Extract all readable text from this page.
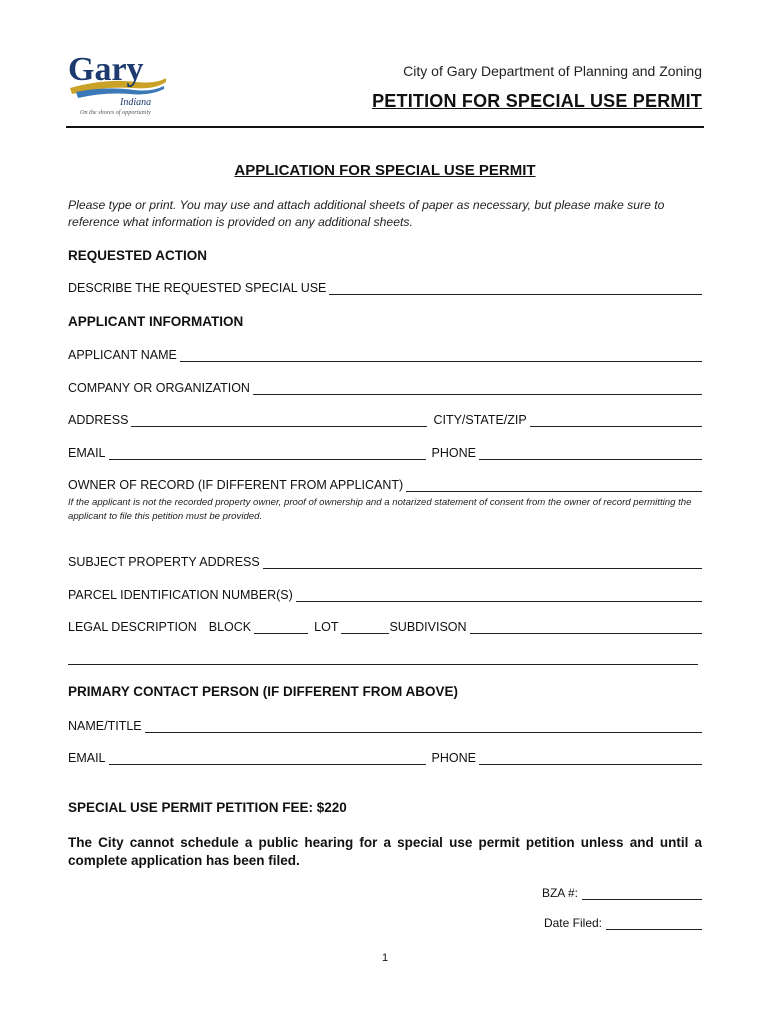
Gary
Indiana
On the shores of opportunity
City of Gary Department of Planning and Zoning
PETITION FOR SPECIAL USE PERMIT
APPLICATION FOR SPECIAL USE PERMIT
Please type or print. You may use and attach additional sheets of paper as necessary, but please make sure to reference what information is provided on any additional sheets.
REQUESTED ACTION
DESCRIBE THE REQUESTED SPECIAL USE
APPLICANT INFORMATION
APPLICANT NAME
COMPANY OR ORGANIZATION
ADDRESS	CITY/STATE/ZIP
EMAIL	PHONE
OWNER OF RECORD (IF DIFFERENT FROM APPLICANT)
If the applicant is not the recorded property owner, proof of ownership and a notarized statement of consent from the owner of record permitting the applicant to file this petition must be provided.
SUBJECT PROPERTY ADDRESS
PARCEL IDENTIFICATION NUMBER(S)
LEGAL DESCRIPTION BLOCK	LOT	SUBDIVISON
PRIMARY CONTACT PERSON (IF DIFFERENT FROM ABOVE)
NAME/TITLE
EMAIL	PHONE
SPECIAL USE PERMIT PETITION FEE: $220
The City cannot schedule a public hearing for a special use permit petition unless and until a complete application has been filed.
BZA #:
Date Filed:
1
